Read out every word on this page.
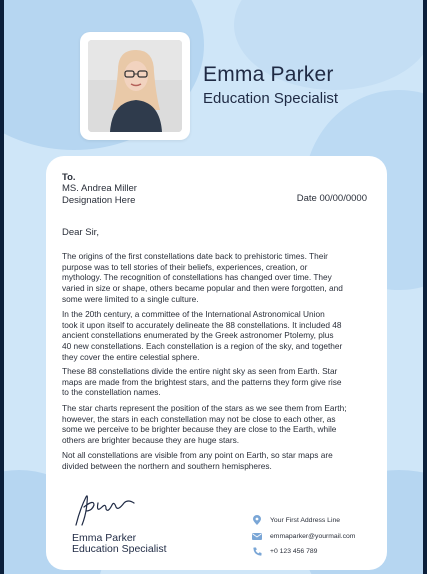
Emma Parker
Education Specialist
To.
MS. Andrea Miller
Designation Here	Date 00/00/0000
Dear Sir,
The origins of the first constellations date back to prehistoric times. Their
purpose was to tell stories of their beliefs, experiences, creation, or
mythology. The recognition of constellations has changed over time. They
varied in size or shape, others became popular and then were forgotten, and
some were limited to a single culture.
In the 20th century, a committee of the International Astronomical Union
took it upon itself to accurately delineate the 88 constellations. It included 48
ancient constellations enumerated by the Greek astronomer Ptolemy, plus
40 new constellations. Each constellation is a region of the sky, and together
they cover the entire celestial sphere.
These 88 constellations divide the entire night sky as seen from Earth. Star
maps are made from the brightest stars, and the patterns they form give rise
to the constellation names.
The star charts represent the position of the stars as we see them from Earth;
however, the stars in each constellation may not be close to each other, as
some we perceive to be brighter because they are close to the Earth, while
others are brighter because they are huge stars.
Not all constellations are visible from any point on Earth, so star maps are
divided between the northern and southern hemispheres.
Emma Parker
Education Specialist
Your First Address Line
emmaparker@yourmail.com
+0 123 456 789
